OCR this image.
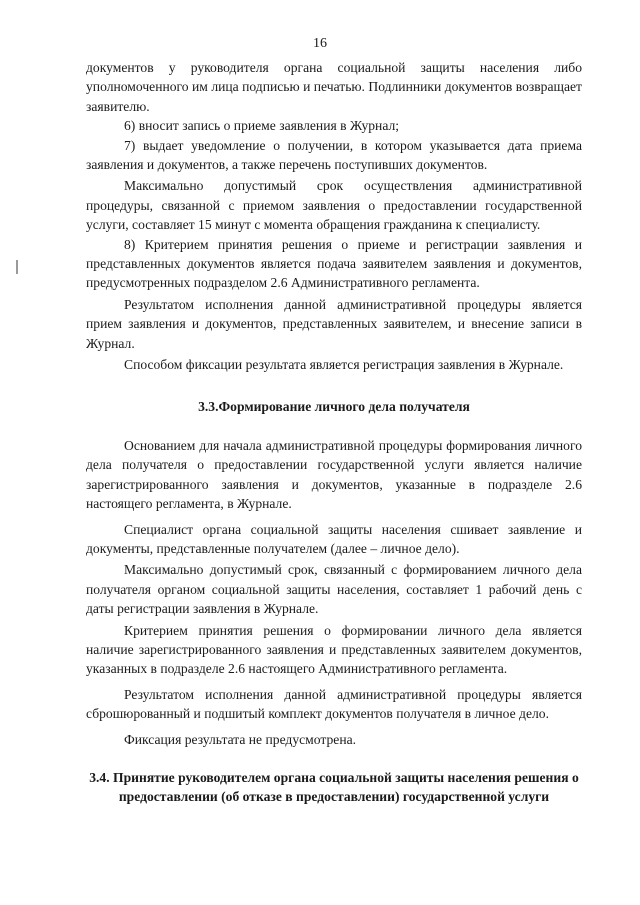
16

документов у руководителя органа социальной защиты населения либо уполномоченного им лица подписью и печатью. Подлинники документов возвращает заявителю.

6) вносит запись о приеме заявления в Журнал;

7) выдает уведомление о получении, в котором указывается дата приема заявления и документов, а также перечень поступивших документов.

Максимально допустимый срок осуществления административной процедуры, связанной с приемом заявления о предоставлении государственной услуги, составляет 15 минут с момента обращения гражданина к специалисту.

8) Критерием принятия решения о приеме и регистрации заявления и представленных документов является подача заявителем заявления и документов, предусмотренных подразделом 2.6 Административного регламента.

Результатом исполнения данной административной процедуры является прием заявления и документов, представленных заявителем, и внесение записи в Журнал.

Способом фиксации результата является регистрация заявления в Журнале.

3.3.Формирование личного дела получателя

Основанием для начала административной процедуры формирования личного дела получателя о предоставлении государственной услуги является наличие зарегистрированного заявления и документов, указанные в подразделе 2.6 настоящего регламента, в Журнале.

Специалист органа социальной защиты населения сшивает заявление и документы, представленные получателем (далее – личное дело).

Максимально допустимый срок, связанный с формированием личного дела получателя органом социальной защиты населения, составляет 1 рабочий день с даты регистрации заявления в Журнале.

Критерием принятия решения о формировании личного дела является наличие зарегистрированного заявления и представленных заявителем документов, указанных в подразделе 2.6 настоящего Административного регламента.

Результатом исполнения данной административной процедуры является сброшюрованный и подшитый комплект документов получателя в личное дело.

Фиксация результата не предусмотрена.

3.4. Принятие руководителем органа социальной защиты населения решения о предоставлении (об отказе в предоставлении) государственной услуги
